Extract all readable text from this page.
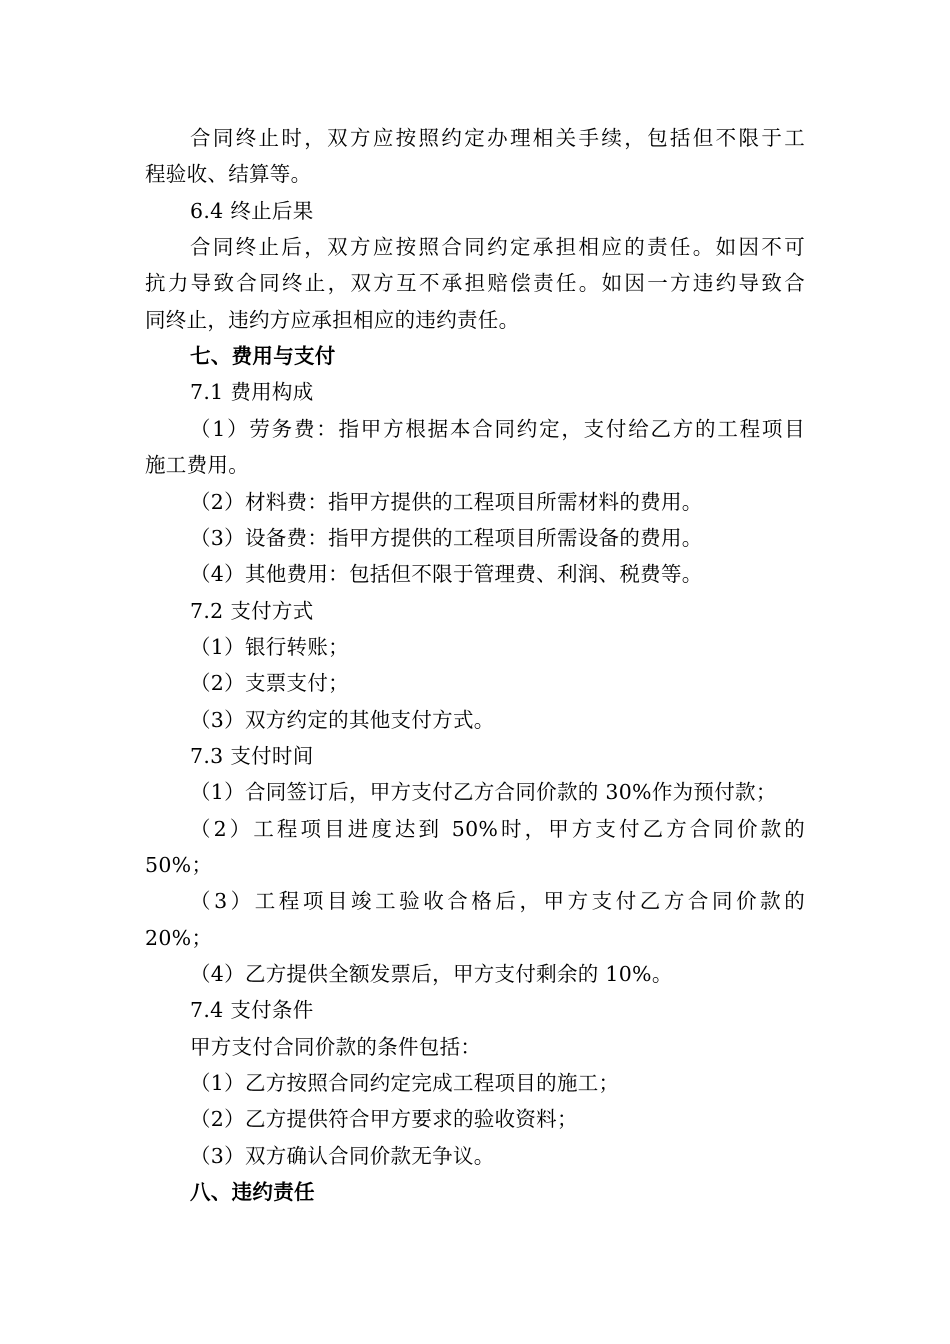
合同终止时，双方应按照约定办理相关手续，包括但不限于工
程验收、结算等。
6.4 终止后果
合同终止后，双方应按照合同约定承担相应的责任。如因不可
抗力导致合同终止，双方互不承担赔偿责任。如因一方违约导致合
同终止，违约方应承担相应的违约责任。
七、费用与支付
7.1 费用构成
（1）劳务费：指甲方根据本合同约定，支付给乙方的工程项目
施工费用。
（2）材料费：指甲方提供的工程项目所需材料的费用。
（3）设备费：指甲方提供的工程项目所需设备的费用。
（4）其他费用：包括但不限于管理费、利润、税费等。
7.2 支付方式
（1）银行转账；
（2）支票支付；
（3）双方约定的其他支付方式。
7.3 支付时间
（1）合同签订后，甲方支付乙方合同价款的 30%作为预付款；
（2）工程项目进度达到 50%时，甲方支付乙方合同价款的
50%；
（3）工程项目竣工验收合格后，甲方支付乙方合同价款的
20%；
（4）乙方提供全额发票后，甲方支付剩余的 10%。
7.4 支付条件
甲方支付合同价款的条件包括：
（1）乙方按照合同约定完成工程项目的施工；
（2）乙方提供符合甲方要求的验收资料；
（3）双方确认合同价款无争议。
八、违约责任
